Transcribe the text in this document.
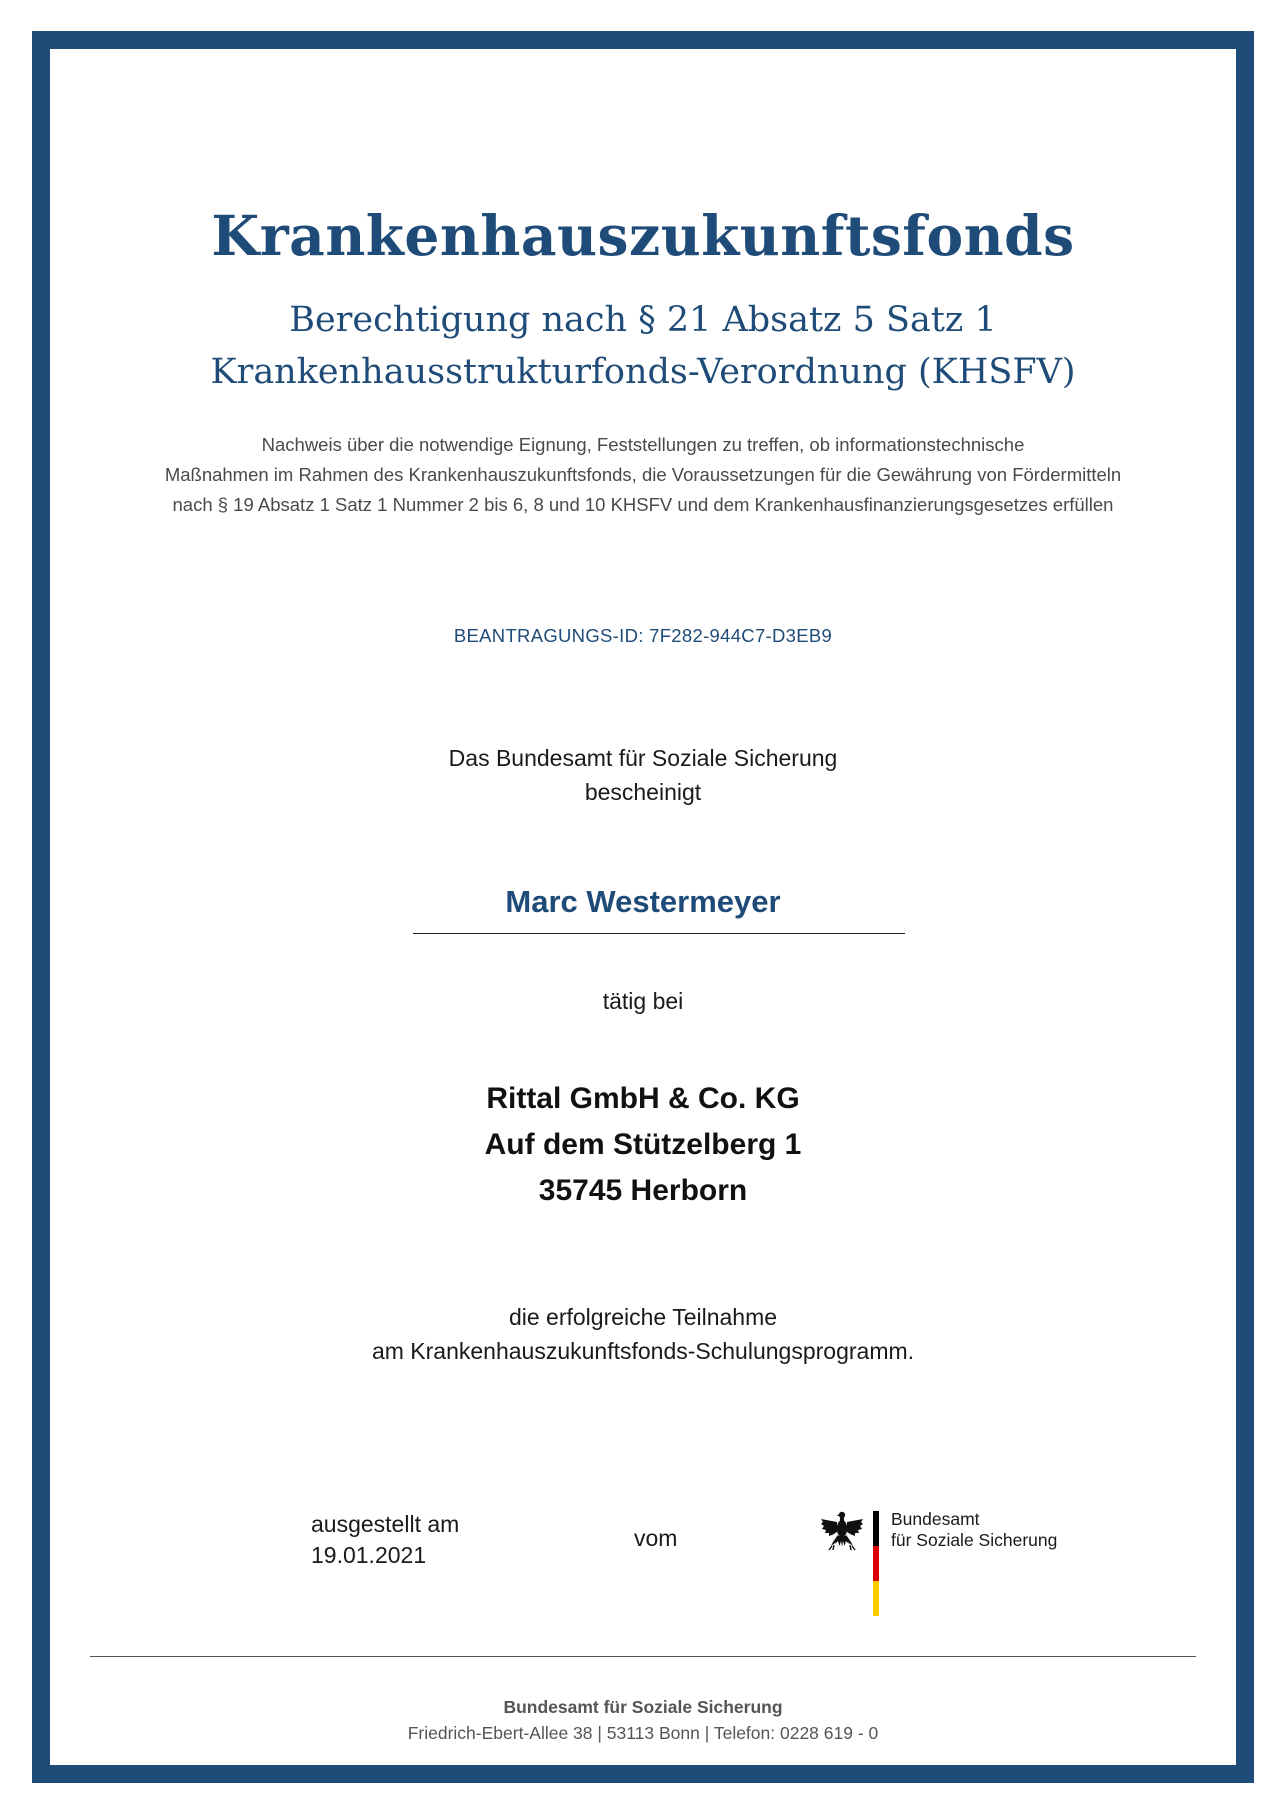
Krankenhauszukunftsfonds
Berechtigung nach § 21 Absatz 5 Satz 1
Krankenhausstrukturfonds-Verordnung (KHSFV)
Nachweis über die notwendige Eignung, Feststellungen zu treffen, ob informationstechnische
Maßnahmen im Rahmen des Krankenhauszukunftsfonds, die Voraussetzungen für die Gewährung von Fördermitteln
nach § 19 Absatz 1 Satz 1 Nummer 2 bis 6, 8 und 10 KHSFV und dem Krankenhausfinanzierungsgesetzes erfüllen
BEANTRAGUNGS-ID: 7F282-944C7-D3EB9
Das Bundesamt für Soziale Sicherung
bescheinigt
Marc Westermeyer
tätig bei
Rittal GmbH & Co. KG
Auf dem Stützelberg 1
35745 Herborn
die erfolgreiche Teilnahme
am Krankenhauszukunftsfonds-Schulungsprogramm.
ausgestellt am
19.01.2021
vom
Bundesamt
für Soziale Sicherung
Bundesamt für Soziale Sicherung
Friedrich-Ebert-Allee 38 | 53113 Bonn | Telefon: 0228 619 - 0
